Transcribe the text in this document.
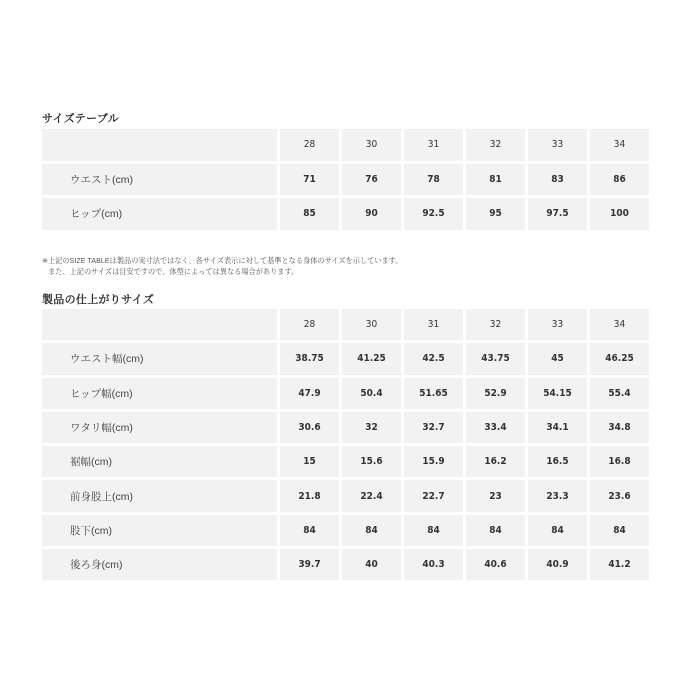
サイズテーブル
	28	30	31	32	33	34
ウエスト(cm)	71	76	78	81	83	86
ヒップ(cm)	85	90	92.5	95	97.5	100
※上記のSIZE TABLEは製品の実寸法ではなく、各サイズ表示に対して基準となる身体のサイズを示しています。
また、上記のサイズは目安ですので、体型によっては異なる場合があります。
製品の仕上がりサイズ
	28	30	31	32	33	34
ウエスト幅(cm)	38.75	41.25	42.5	43.75	45	46.25
ヒップ幅(cm)	47.9	50.4	51.65	52.9	54.15	55.4
ワタリ幅(cm)	30.6	32	32.7	33.4	34.1	34.8
裾幅(cm)	15	15.6	15.9	16.2	16.5	16.8
前身股上(cm)	21.8	22.4	22.7	23	23.3	23.6
股下(cm)	84	84	84	84	84	84
後ろ身(cm)	39.7	40	40.3	40.6	40.9	41.2
